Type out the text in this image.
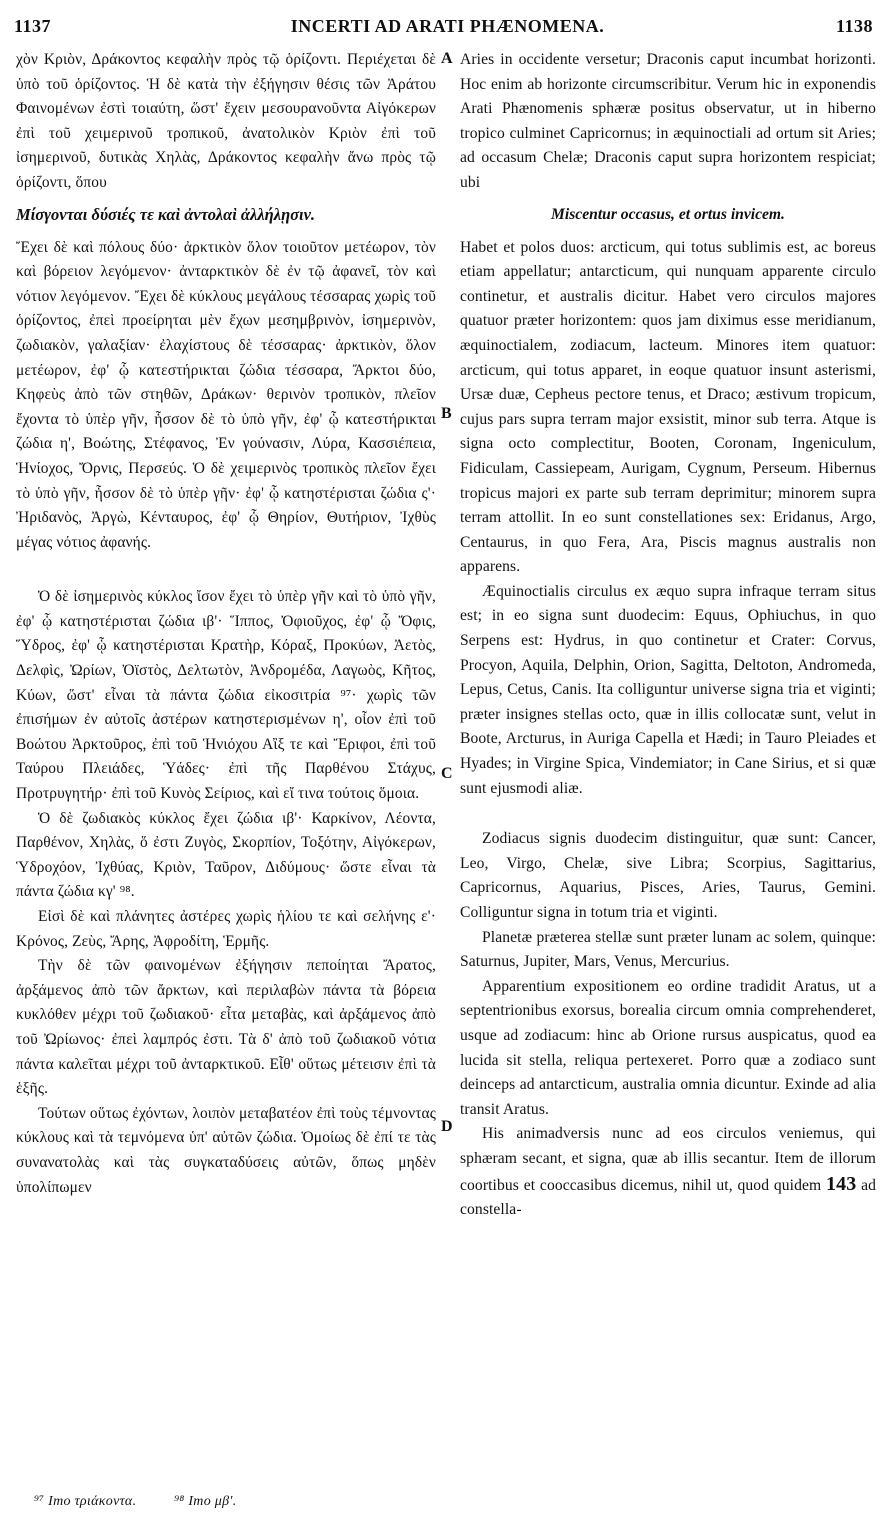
1137	INCERTI AD ARATI PHÆNOMENA.	1138

χὸν Κριὸν, Δράκοντος κεφαλὴν πρὸς τῷ ὁρίζοντι. Περιέχεται δὲ ὑπὸ τοῦ ὁρίζοντος. Ἡ δὲ κατὰ τὴν ἐξήγησιν θέσις τῶν Ἀράτου Φαινομένων ἐστὶ τοιαύτη, ὥστ' ἔχειν μεσουρανοῦντα Αἰγόκερων ἐπὶ τοῦ χειμερινοῦ τροπικοῦ, ἀνατολικὸν Κριὸν ἐπὶ τοῦ ἰσημερινοῦ, δυτικὰς Χηλὰς, Δράκοντος κεφαλὴν ἄνω πρὸς τῷ ὁρίζοντι, ὅπου

Μίσγονται δύσιές τε καὶ ἀντολαὶ ἀλλήλῃσιν.

Ἔχει δὲ καὶ πόλους δύο· ἀρκτικὸν ὅλον τοιοῦτον μετέωρον, τὸν καὶ βόρειον λεγόμενον· ἀνταρκτικὸν δὲ ἐν τῷ ἀφανεῖ, τὸν καὶ νότιον λεγόμενον. Ἔχει δὲ κύκλους μεγάλους τέσσαρας χωρὶς τοῦ ὁρίζοντος, ἐπεὶ προείρηται μὲν ἔχων μεσημβρινὸν, ἰσημερινὸν, ζωδιακὸν, γαλαξίαν· ἐλαχίστους δὲ τέσσαρας· ἀρκτικὸν, ὅλον μετέωρον, ἐφ' ᾧ κατεστήρικται ζώδια τέσσαρα, Ἄρκτοι δύο, Κηφεὺς ἀπὸ τῶν στηθῶν, Δράκων· θερινὸν τροπικὸν, πλεῖον ἔχοντα τὸ ὑπὲρ γῆν, ἧσσον δὲ τὸ ὑπὸ γῆν, ἐφ' ᾧ κατεστήρικται ζώδια η', Βοώτης, Στέφανος, Ἐν γούνασιν, Λύρα, Κασσιέπεια, Ἡνίοχος, Ὄρνις, Περσεύς. Ὁ δὲ χειμερινὸς τροπικὸς πλεῖον ἔχει τὸ ὑπὸ γῆν, ἧσσον δὲ τὸ ὑπὲρ γῆν· ἐφ' ᾧ κατηστέρισται ζώδια ς'· Ἠριδανὸς, Ἀργὼ, Κένταυρος, ἐφ' ᾧ Θηρίον, Θυτήριον, Ἰχθὺς μέγας νότιος ἀφανής.

Ὁ δὲ ἰσημερινὸς κύκλος ἴσον ἔχει τὸ ὑπὲρ γῆν καὶ τὸ ὑπὸ γῆν, ἐφ' ᾧ κατηστέρισται ζώδια ιβ'· Ἵππος, Ὀφιοῦχος, ἐφ' ᾧ Ὄφις, Ὕδρος, ἐφ' ᾧ κατηστέρισται Κρατὴρ, Κόραξ, Προκύων, Ἀετὸς, Δελφὶς, Ὠρίων, Ὀϊστὸς, Δελτωτὸν, Ἀνδρομέδα, Λαγωὸς, Κῆτος, Κύων, ὥστ' εἶναι τὰ πάντα ζώδια εἰκοσιτρία ⁹⁷· χωρὶς τῶν ἐπισήμων ἐν αὐτοῖς ἀστέρων κατηστερισμένων η', οἷον ἐπὶ τοῦ Βοώτου Ἀρκτοῦρος, ἐπὶ τοῦ Ἡνιόχου Αἲξ τε καὶ Ἔριφοι, ἐπὶ τοῦ Ταύρου Πλειάδες, Ὑάδες· ἐπὶ τῆς Παρθένου Στάχυς, Προτρυγητήρ· ἐπὶ τοῦ Κυνὸς Σείριος, καὶ εἴ τινα τούτοις ὅμοια.

Ὁ δὲ ζωδιακὸς κύκλος ἔχει ζώδια ιβ'· Καρκίνον, Λέοντα, Παρθένον, Χηλὰς, ὅ ἐστι Ζυγὸς, Σκορπίον, Τοξότην, Αἰγόκερων, Ὑδροχόον, Ἰχθύας, Κριὸν, Ταῦρον, Διδύμους· ὥστε εἶναι τὰ πάντα ζώδια κγ' ⁹⁸.

Εἰσὶ δὲ καὶ πλάνητες ἀστέρες χωρὶς ἡλίου τε καὶ σελήνης ε'· Κρόνος, Ζεὺς, Ἄρης, Ἀφροδίτη, Ἑρμῆς.

Τὴν δὲ τῶν φαινομένων ἐξήγησιν πεποίηται Ἄρατος, ἀρξάμενος ἀπὸ τῶν ἄρκτων, καὶ περιλαβὼν πάντα τὰ βόρεια κυκλόθεν μέχρι τοῦ ζωδιακοῦ· εἶτα μεταβὰς, καὶ ἀρξάμενος ἀπὸ τοῦ Ὠρίωνος· ἐπεὶ λαμπρός ἐστι. Τὰ δ' ἀπὸ τοῦ ζωδιακοῦ νότια πάντα καλεῖται μέχρι τοῦ ἀνταρκτικοῦ. Εἶθ' οὕτως μέτεισιν ἐπὶ τὰ ἑξῆς.

Τούτων οὕτως ἐχόντων, λοιπὸν μεταβατέον ἐπὶ τοὺς τέμνοντας κύκλους καὶ τὰ τεμνόμενα ὑπ' αὐτῶν ζώδια. Ὁμοίως δὲ ἐπί τε τὰς συνανατολὰς καὶ τὰς συγκαταδύσεις αὐτῶν, ὅπως μηδὲν ὑπολίπωμεν

A
B
C
D

Aries in occidente versetur; Draconis caput incumbat horizonti. Hoc enim ab horizonte circumscribitur. Verum hic in exponendis Arati Phænomenis sphæræ positus observatur, ut in hiberno tropico culminet Capricornus; in æquinoctiali ad ortum sit Aries; ad occasum Chelæ; Draconis caput supra horizontem respiciat; ubi

Miscentur occasus, et ortus invicem.

Habet et polos duos: arcticum, qui totus sublimis est, ac boreus etiam appellatur; antarcticum, qui nunquam apparente circulo continetur, et australis dicitur. Habet vero circulos majores quatuor præter horizontem: quos jam diximus esse meridianum, æquinoctialem, zodiacum, lacteum. Minores item quatuor: arcticum, qui totus apparet, in eoque quatuor insunt asterismi, Ursæ duæ, Cepheus pectore tenus, et Draco; æstivum tropicum, cujus pars supra terram major exsistit, minor sub terra. Atque is signa octo complectitur, Booten, Coronam, Ingeniculum, Fidiculam, Cassiepeam, Aurigam, Cygnum, Perseum. Hibernus tropicus majori ex parte sub terram deprimitur; minorem supra terram attollit. In eo sunt constellationes sex: Eridanus, Argo, Centaurus, in quo Fera, Ara, Piscis magnus australis non apparens.

Æquinoctialis circulus ex æquo supra infraque terram situs est; in eo signa sunt duodecim: Equus, Ophiuchus, in quo Serpens est: Hydrus, in quo continetur et Crater: Corvus, Procyon, Aquila, Delphin, Orion, Sagitta, Deltoton, Andromeda, Lepus, Cetus, Canis. Ita colliguntur universe signa tria et viginti; præter insignes stellas octo, quæ in illis collocatæ sunt, velut in Boote, Arcturus, in Auriga Capella et Hædi; in Tauro Pleiades et Hyades; in Virgine Spica, Vindemiator; in Cane Sirius, et si quæ sunt ejusmodi aliæ.

Zodiacus signis duodecim distinguitur, quæ sunt: Cancer, Leo, Virgo, Chelæ, sive Libra; Scorpius, Sagittarius, Capricornus, Aquarius, Pisces, Aries, Taurus, Gemini. Colliguntur signa in totum tria et viginti.

Planetæ præterea stellæ sunt præter lunam ac solem, quinque: Saturnus, Jupiter, Mars, Venus, Mercurius.

Apparentium expositionem eo ordine tradidit Aratus, ut a septentrionibus exorsus, borealia circum omnia comprehenderet, usque ad zodiacum: hinc ab Orione rursus auspicatus, quod ea lucida sit stella, reliqua pertexeret. Porro quæ a zodiaco sunt deinceps ad antarcticum, australia omnia dicuntur. Exinde ad alia transit Aratus.

His animadversis nunc ad eos circulos veniemus, qui sphæram secant, et signa, quæ ab illis secantur. Item de illorum coortibus et cooccasibus dicemus, nihil ut, quod quidem 143 ad constella-

⁹⁷ Imo τριάκοντα.	⁹⁸ Imo μβ'.
